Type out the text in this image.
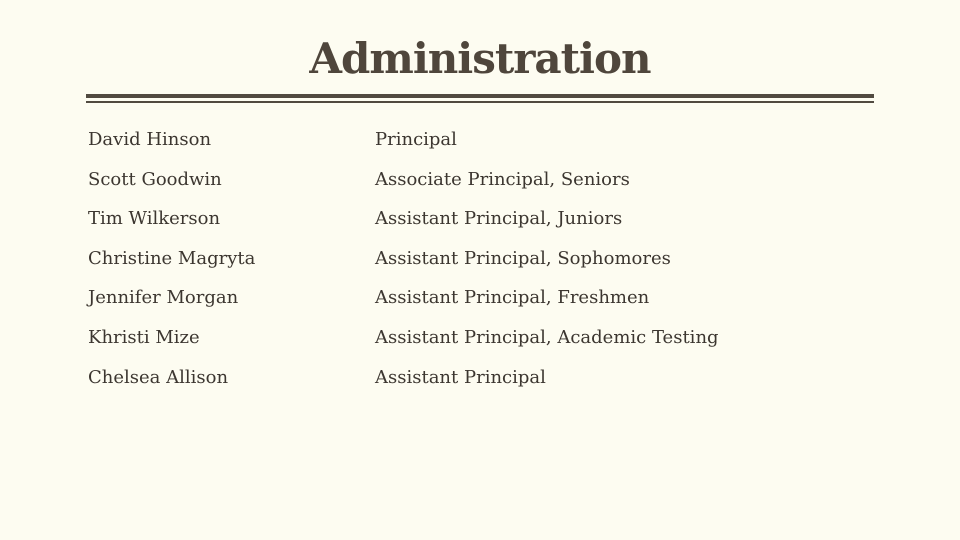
Administration
David Hinson	Principal
Scott Goodwin	Associate Principal, Seniors
Tim Wilkerson	Assistant Principal, Juniors
Christine Magryta	Assistant Principal, Sophomores
Jennifer Morgan	Assistant Principal, Freshmen
Khristi Mize	Assistant Principal, Academic Testing
Chelsea Allison	Assistant Principal
